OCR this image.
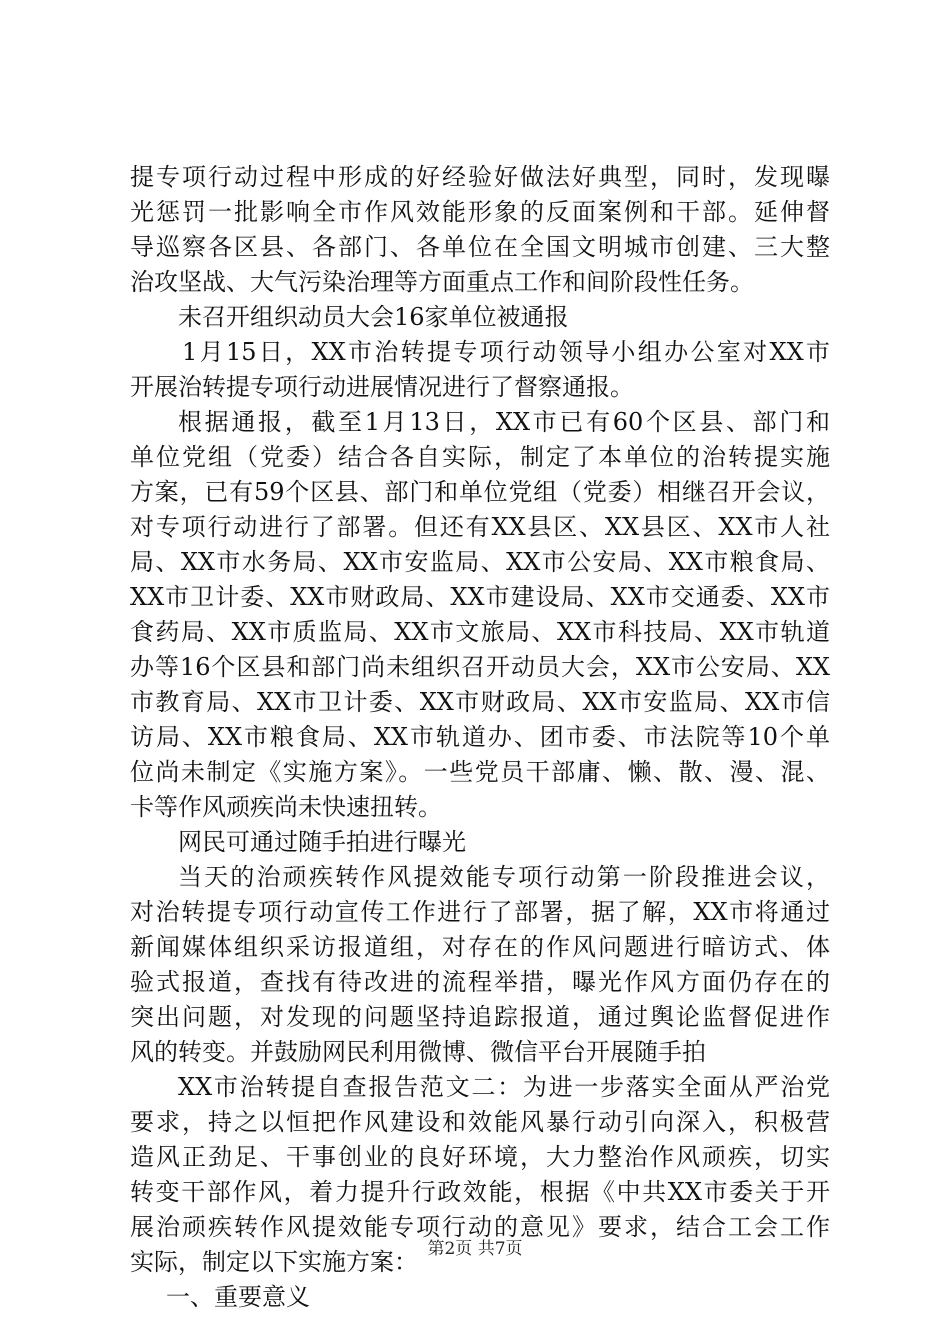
提专项行动过程中形成的好经验好做法好典型，同时，发现曝
光惩罚一批影响全市作风效能形象的反面案例和干部。延伸督
导巡察各区县、各部门、各单位在全国文明城市创建、三大整
治攻坚战、大气污染治理等方面重点工作和间阶段性任务。
未召开组织动员大会16家单位被通报
1月15日，XX市治转提专项行动领导小组办公室对XX市
开展治转提专项行动进展情况进行了督察通报。
根据通报，截至1月13日，XX市已有60个区县、部门和
单位党组（党委）结合各自实际，制定了本单位的治转提实施
方案，已有59个区县、部门和单位党组（党委）相继召开会议，
对专项行动进行了部署。但还有XX县区、XX县区、XX市人社
局、XX市水务局、XX市安监局、XX市公安局、XX市粮食局、
XX市卫计委、XX市财政局、XX市建设局、XX市交通委、XX市
食药局、XX市质监局、XX市文旅局、XX市科技局、XX市轨道
办等16个区县和部门尚未组织召开动员大会，XX市公安局、XX
市教育局、XX市卫计委、XX市财政局、XX市安监局、XX市信
访局、XX市粮食局、XX市轨道办、团市委、市法院等10个单
位尚未制定《实施方案》。一些党员干部庸、懒、散、漫、混、
卡等作风顽疾尚未快速扭转。
网民可通过随手拍进行曝光
当天的治顽疾转作风提效能专项行动第一阶段推进会议，
对治转提专项行动宣传工作进行了部署，据了解，XX市将通过
新闻媒体组织采访报道组，对存在的作风问题进行暗访式、体
验式报道，查找有待改进的流程举措，曝光作风方面仍存在的
突出问题，对发现的问题坚持追踪报道，通过舆论监督促进作
风的转变。并鼓励网民利用微博、微信平台开展随手拍
XX市治转提自查报告范文二：为进一步落实全面从严治党
要求，持之以恒把作风建设和效能风暴行动引向深入，积极营
造风正劲足、干事创业的良好环境，大力整治作风顽疾，切实
转变干部作风，着力提升行政效能，根据《中共XX市委关于开
展治顽疾转作风提效能专项行动的意见》要求，结合工会工作
实际，制定以下实施方案：
一、重要意义
第2页 共7页
